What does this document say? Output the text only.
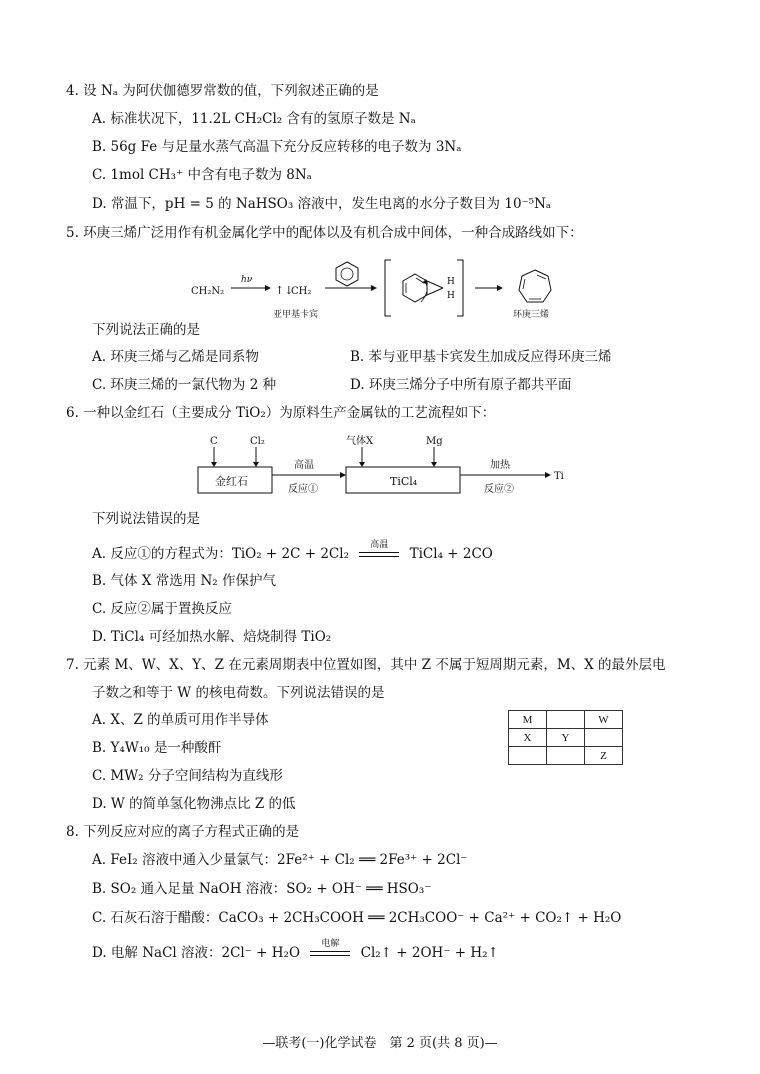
4. 设 Nₐ 为阿伏伽德罗常数的值，下列叙述正确的是
A. 标准状况下，11.2L CH₂Cl₂ 含有的氢原子数是 Nₐ
B. 56g Fe 与足量水蒸气高温下充分反应转移的电子数为 3Nₐ
C. 1mol CH₃⁺ 中含有电子数为 8Nₐ
D. 常温下，pH = 5 的 NaHSO₃ 溶液中，发生电离的水分子数目为 10⁻⁵Nₐ
5. 环庚三烯广泛用作有机金属化学中的配体以及有机合成中间体，一种合成路线如下：
CH₂N₂
hν
↑↓
CH₂
亚甲基卡宾
H
H
环庚三烯
下列说法正确的是
A. 环庚三烯与乙烯是同系物	B. 苯与亚甲基卡宾发生加成反应得环庚三烯
C. 环庚三烯的一氯代物为 2 种	D. 环庚三烯分子中所有原子都共平面
6. 一种以金红石（主要成分 TiO₂）为原料生产金属钛的工艺流程如下：
C	Cl₂
金红石
高温
反应①
气体X	Mg
TiCl₄
加热
反应②
Ti
下列说法错误的是
A. 反应①的方程式为：TiO₂ + 2C + 2Cl₂
高温
TiCl₄ + 2CO
B. 气体 X 常选用 N₂ 作保护气
C. 反应②属于置换反应
D. TiCl₄ 可经加热水解、焙烧制得 TiO₂
7. 元素 M、W、X、Y、Z 在元素周期表中位置如图，其中 Z 不属于短周期元素，M、X 的最外层电
子数之和等于 W 的核电荷数。下列说法错误的是
A. X、Z 的单质可用作半导体
B. Y₄W₁₀ 是一种酸酐
C. MW₂ 分子空间结构为直线形
D. W 的简单氢化物沸点比 Z 的低
M		W
X	Y	
		Z
8. 下列反应对应的离子方程式正确的是
A. FeI₂ 溶液中通入少量氯气：2Fe²⁺ + Cl₂ ══ 2Fe³⁺ + 2Cl⁻
B. SO₂ 通入足量 NaOH 溶液：SO₂ + OH⁻ ══ HSO₃⁻
C. 石灰石溶于醋酸：CaCO₃ + 2CH₃COOH ══ 2CH₃COO⁻ + Ca²⁺ + CO₂↑ + H₂O
D. 电解 NaCl 溶液：2Cl⁻ + H₂O
电解
Cl₂↑ + 2OH⁻ + H₂↑
—联考(一)化学试卷　第 2 页(共 8 页)—
